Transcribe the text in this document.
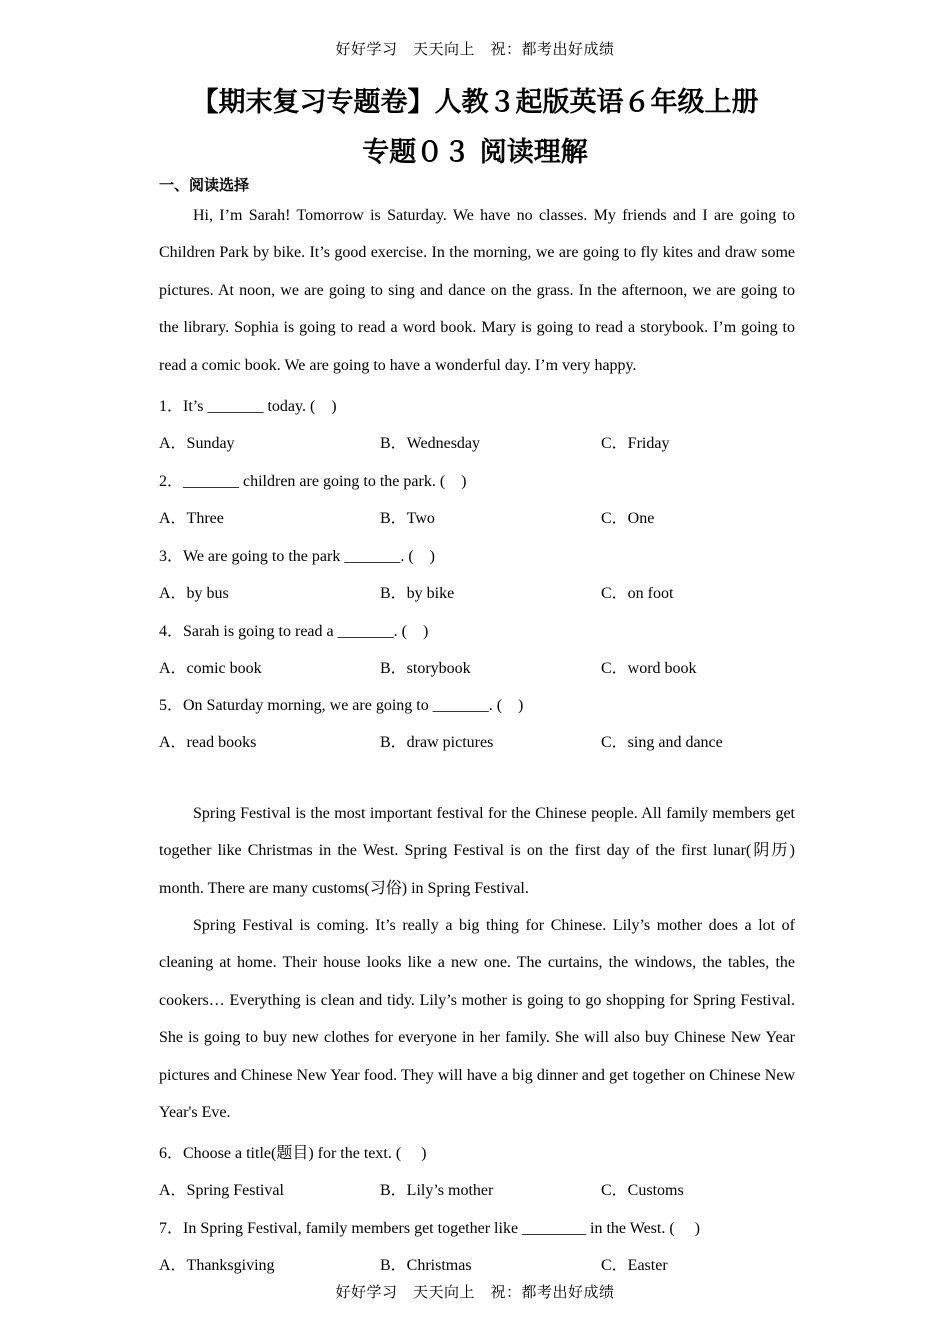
好好学习　天天向上　祝：都考出好成绩
【期末复习专题卷】人教３起版英语６年级上册
专题０３ 阅读理解
一、阅读选择

Hi, I’m Sarah! Tomorrow is Saturday. We have no classes. My friends and I are going to Children Park by bike. It’s good exercise. In the morning, we are going to fly kites and draw some pictures. At noon, we are going to sing and dance on the grass. In the afternoon, we are going to the library. Sophia is going to read a word book. Mary is going to read a storybook. I’m going to read a comic book. We are going to have a wonderful day. I’m very happy.

1．It’s _______ today. (　)
A．Sunday	B．Wednesday	C．Friday
2．_______ children are going to the park. (　)
A．Three	B．Two	C．One
3．We are going to the park _______. (　)
A．by bus	B．by bike	C．on foot
4．Sarah is going to read a _______. (　)
A．comic book	B．storybook	C．word book
5．On Saturday morning, we are going to _______. (　)
A．read books	B．draw pictures	C．sing and dance

Spring Festival is the most important festival for the Chinese people. All family members get together like Christmas in the West. Spring Festival is on the first day of the first lunar(阴历) month. There are many customs(习俗) in Spring Festival.

Spring Festival is coming. It’s really a big thing for Chinese. Lily’s mother does a lot of cleaning at home. Their house looks like a new one. The curtains, the windows, the tables, the cookers… Everything is clean and tidy. Lily’s mother is going to go shopping for Spring Festival. She is going to buy new clothes for everyone in her family. She will also buy Chinese New Year pictures and Chinese New Year food. They will have a big dinner and get together on Chinese New Year's Eve.

6．Choose a title(题目) for the text. (　 )
A．Spring Festival	B．Lily’s mother	C．Customs
7．In Spring Festival, family members get together like ________ in the West. (　 )
A．Thanksgiving	B．Christmas	C．Easter
好好学习　天天向上　祝：都考出好成绩
